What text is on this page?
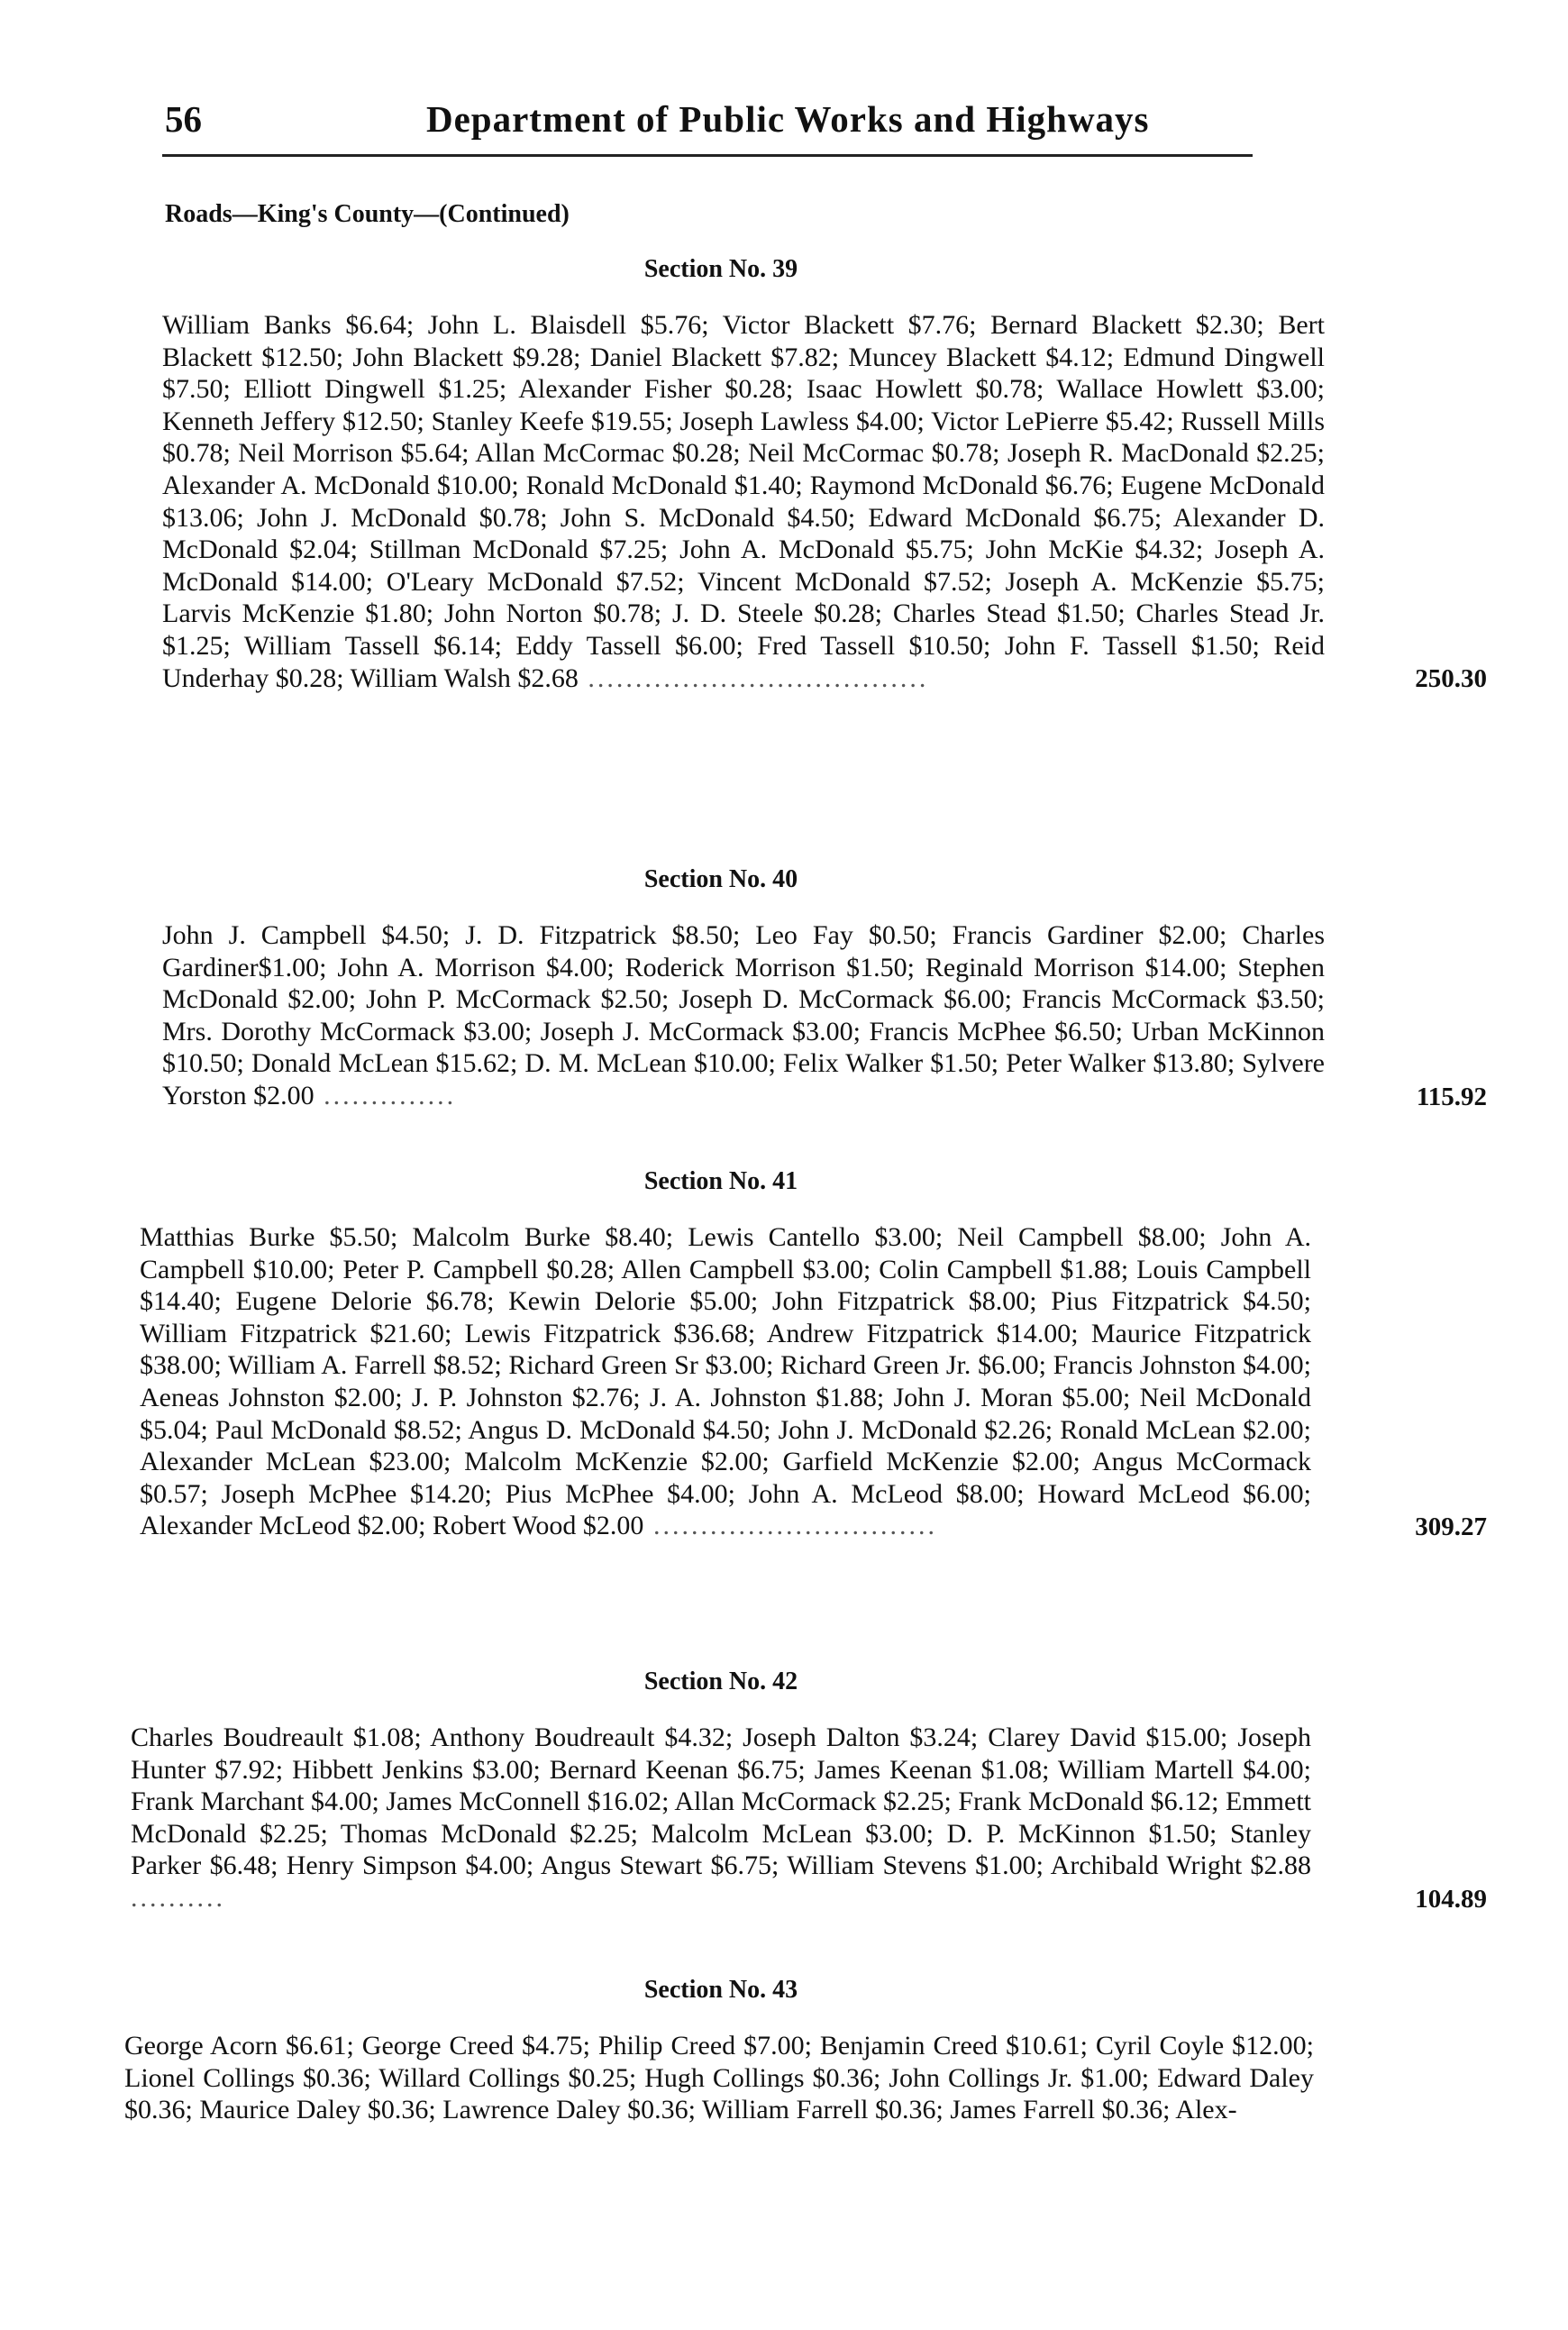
56	Department of Public Works and Highways
Roads—King's County—(Continued)
Section No. 39

William Banks $6.64; John L. Blaisdell $5.76; Victor Blackett $7.76; Bernard Blackett $2.30; Bert Blackett $12.50; John Blackett $9.28; Daniel Blackett $7.82; Muncey Blackett $4.12; Edmund Dingwell $7.50; Elliott Dingwell $1.25; Alexander Fisher $0.28; Isaac Howlett $0.78; Wallace Howlett $3.00; Kenneth Jeffery $12.50; Stanley Keefe $19.55; Joseph Lawless $4.00; Victor LePierre $5.42; Russell Mills $0.78; Neil Morrison $5.64; Allan McCormac $0.28; Neil McCormac $0.78; Joseph R. MacDonald $2.25; Alexander A. McDonald $10.00; Ronald McDonald $1.40; Raymond McDonald $6.76; Eugene McDonald $13.06; John J. McDonald $0.78; John S. McDonald $4.50; Edward McDonald $6.75; Alexander D. McDonald $2.04; Stillman McDonald $7.25; John A. McDonald $5.75; John McKie $4.32; Joseph A. McDonald $14.00; O'Leary McDonald $7.52; Vincent McDonald $7.52; Joseph A. McKenzie $5.75; Larvis McKenzie $1.80; John Norton $0.78; J. D. Steele $0.28; Charles Stead $1.50; Charles Stead Jr. $1.25; William Tassell $6.14; Eddy Tassell $6.00; Fred Tassell $10.50; John F. Tassell $1.50; Reid Underhay $0.28; William Walsh $2.68 ....................................	250.30
Section No. 40

John J. Campbell $4.50; J. D. Fitzpatrick $8.50; Leo Fay $0.50; Francis Gardiner $2.00; Charles Gardiner$1.00; John A. Morrison $4.00; Roderick Morrison $1.50; Reginald Morrison $14.00; Stephen McDonald $2.00; John P. McCormack $2.50; Joseph D. McCormack $6.00; Francis McCormack $3.50; Mrs. Dorothy McCormack $3.00; Joseph J. McCormack $3.00; Francis McPhee $6.50; Urban McKinnon $10.50; Donald McLean $15.62; D. M. McLean $10.00; Felix Walker $1.50; Peter Walker $13.80; Sylvere Yorston $2.00 ..............	115.92
Section No. 41

Matthias Burke $5.50; Malcolm Burke $8.40; Lewis Cantello $3.00; Neil Campbell $8.00; John A. Campbell $10.00; Peter P. Campbell $0.28; Allen Campbell $3.00; Colin Campbell $1.88; Louis Campbell $14.40; Eugene Delorie $6.78; Kewin Delorie $5.00; John Fitzpatrick $8.00; Pius Fitzpatrick $4.50; William Fitzpatrick $21.60; Lewis Fitzpatrick $36.68; Andrew Fitzpatrick $14.00; Maurice Fitzpatrick $38.00; William A. Farrell $8.52; Richard Green Sr $3.00; Richard Green Jr. $6.00; Francis Johnston $4.00; Aeneas Johnston $2.00; J. P. Johnston $2.76; J. A. Johnston $1.88; John J. Moran $5.00; Neil McDonald $5.04; Paul McDonald $8.52; Angus D. McDonald $4.50; John J. McDonald $2.26; Ronald McLean $2.00; Alexander McLean $23.00; Malcolm McKenzie $2.00; Garfield McKenzie $2.00; Angus McCormack $0.57; Joseph McPhee $14.20; Pius McPhee $4.00; John A. McLeod $8.00; Howard McLeod $6.00; Alexander McLeod $2.00; Robert Wood $2.00 ..............................	309.27
Section No. 42

Charles Boudreault $1.08; Anthony Boudreault $4.32; Joseph Dalton $3.24; Clarey David $15.00; Joseph Hunter $7.92; Hibbett Jenkins $3.00; Bernard Keenan $6.75; James Keenan $1.08; William Martell $4.00; Frank Marchant $4.00; James McConnell $16.02; Allan McCormack $2.25; Frank McDonald $6.12; Emmett McDonald $2.25; Thomas McDonald $2.25; Malcolm McLean $3.00; D. P. McKinnon $1.50; Stanley Parker $6.48; Henry Simpson $4.00; Angus Stewart $6.75; William Stevens $1.00; Archibald Wright $2.88 ..........	104.89
Section No. 43

George Acorn $6.61; George Creed $4.75; Philip Creed $7.00; Benjamin Creed $10.61; Cyril Coyle $12.00; Lionel Collings $0.36; Willard Collings $0.25; Hugh Collings $0.36; John Collings Jr. $1.00; Edward Daley $0.36; Maurice Daley $0.36; Lawrence Daley $0.36; William Farrell $0.36; James Farrell $0.36; Alex-
